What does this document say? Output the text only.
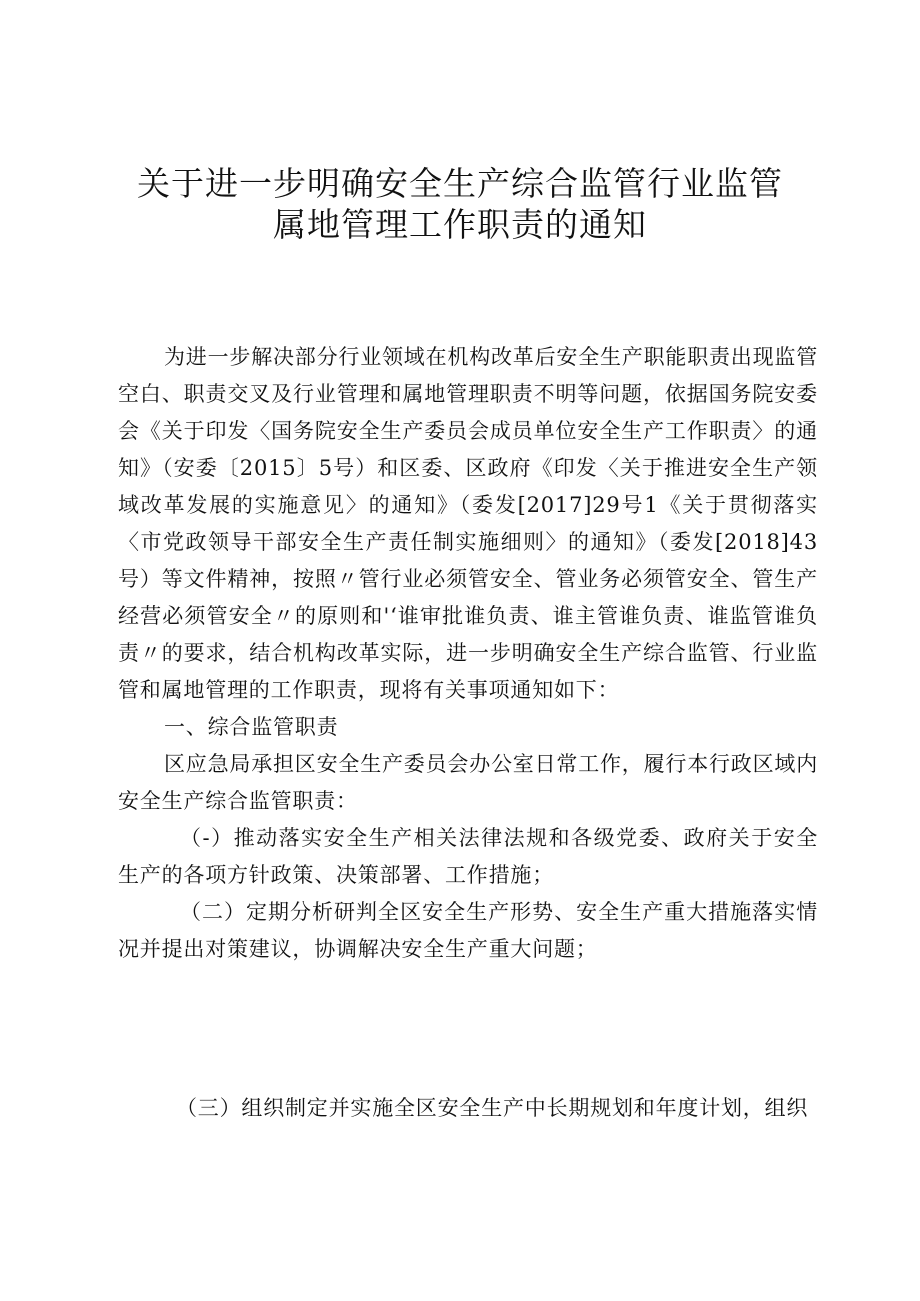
关于进一步明确安全生产综合监管行业监管
属地管理工作职责的通知

为进一步解决部分行业领域在机构改革后安全生产职能职责出现监管空白、职责交叉及行业管理和属地管理职责不明等问题，依据国务院安委会《关于印发〈国务院安全生产委员会成员单位安全生产工作职责〉的通知》（安委〔2015〕5号）和区委、区政府《印发〈关于推进安全生产领域改革发展的实施意见〉的通知》（委发[2017]29号1《关于贯彻落实〈市党政领导干部安全生产责任制实施细则〉的通知》（委发[2018]43号）等文件精神，按照〃管行业必须管安全、管业务必须管安全、管生产经营必须管安全〃的原则和'‘谁审批谁负责、谁主管谁负责、谁监管谁负责〃的要求，结合机构改革实际，进一步明确安全生产综合监管、行业监管和属地管理的工作职责，现将有关事项通知如下：

一、综合监管职责

区应急局承担区安全生产委员会办公室日常工作，履行本行政区域内安全生产综合监管职责：

（-）推动落实安全生产相关法律法规和各级党委、政府关于安全生产的各项方针政策、决策部署、工作措施；

（二）定期分析研判全区安全生产形势、安全生产重大措施落实情况并提出对策建议，协调解决安全生产重大问题；

（三）组织制定并实施全区安全生产中长期规划和年度计划，组织
